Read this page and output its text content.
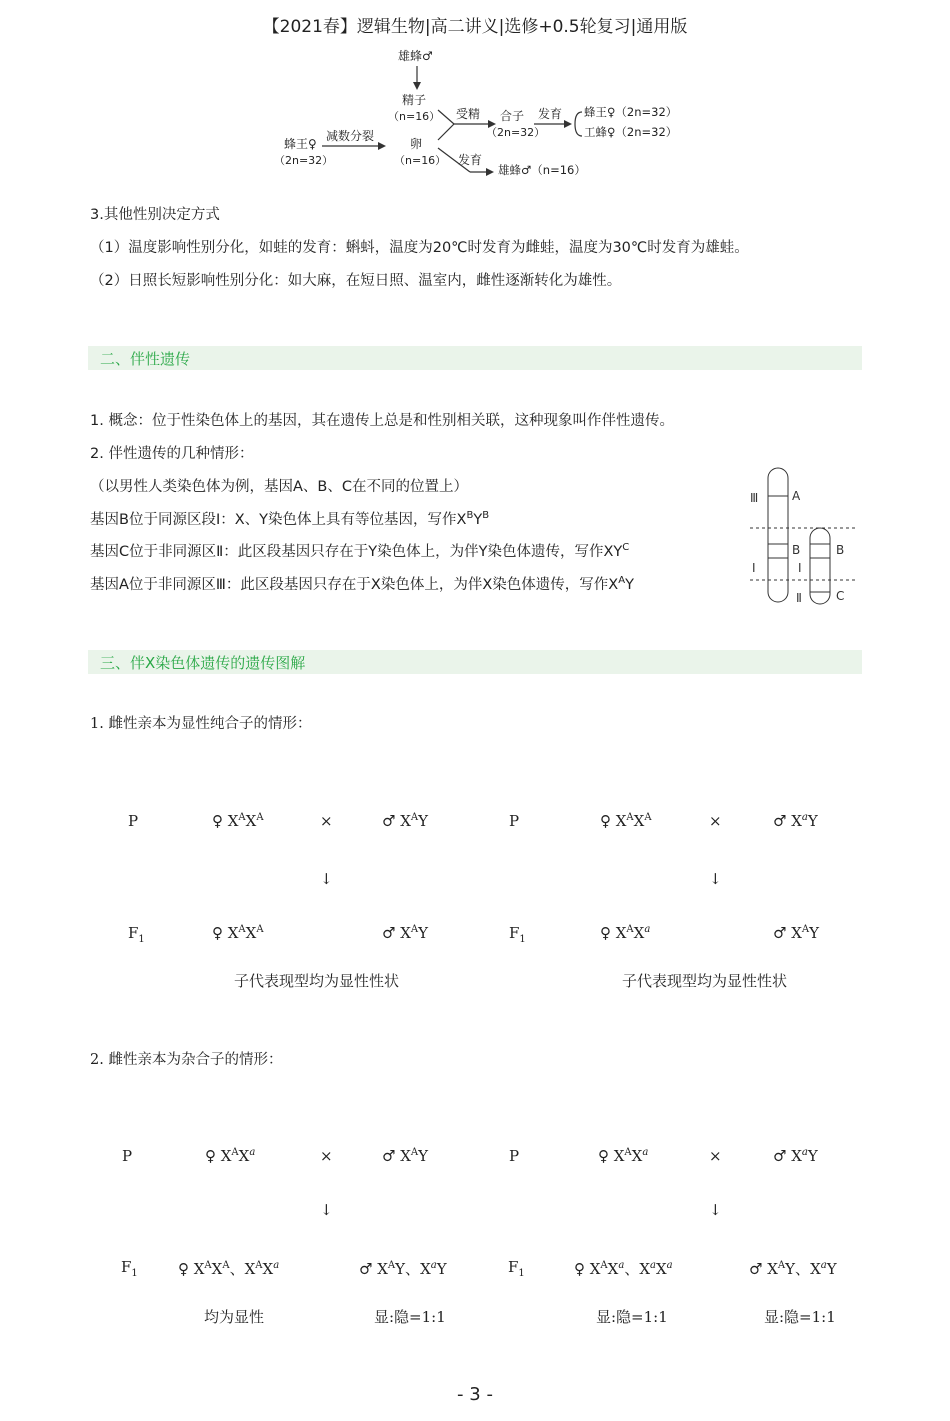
【2021春】逻辑生物|高二讲义|选修+0.5轮复习|通用版
雄蜂♂
精子
（n=16）
蜂王♀
（2n=32）
减数分裂
卵
（n=16）
受精 合子
（2n=32）
发育 蜂王♀（2n=32）
工蜂♀（2n=32）
发育
雄蜂♂（n=16）
3.其他性别决定方式
（1）温度影响性别分化，如蛙的发育：蝌蚪，温度为20℃时发育为雌蛙，温度为30℃时发育为雄蛙。
（2）日照长短影响性别分化：如大麻，在短日照、温室内，雌性逐渐转化为雄性。
二、伴性遗传
1. 概念：位于性染色体上的基因，其在遗传上总是和性别相关联，这种现象叫作伴性遗传。
2. 伴性遗传的几种情形：
（以男性人类染色体为例，基因A、B、C在不同的位置上）
基因B位于同源区段Ⅰ：X、Y染色体上具有等位基因，写作$X^BY^B$
基因C位于非同源区Ⅱ：此区段基因只存在于Y染色体上，为伴Y染色体遗传，写作$XY^C$
基因A位于非同源区Ⅲ：此区段基因只存在于X染色体上，为伴X染色体遗传，写作$X^AY$
Ⅲ	A
B	B
Ⅰ	Ⅰ
Ⅱ	C
三、伴X染色体遗传的遗传图解
1. 雌性亲本为显性纯合子的情形：
P	♀ $X^AX^A$	×	♂ $X^AY$
↓
$F_1$	♀ $X^AX^A$	♂ $X^AY$
子代表现型均为显性性状
P	♀ $X^AX^A$	×	♂ $X^aY$
↓
$F_1$	♀ $X^AX^a$	♂ $X^AY$
子代表现型均为显性性状
2. 雌性亲本为杂合子的情形：
P	♀ $X^AX^a$	×	♂ $X^AY$
↓
$F_1$	♀ $X^AX^A$、$X^AX^a$	♂ $X^AY$、$X^aY$
均为显性	显:隐=1:1
P	♀ $X^AX^a$	×	♂ $X^aY$
↓
$F_1$	♀ $X^AX^a$、$X^aX^a$	♂ $X^AY$、$X^aY$
显:隐=1:1	显:隐=1:1
- 3 -
